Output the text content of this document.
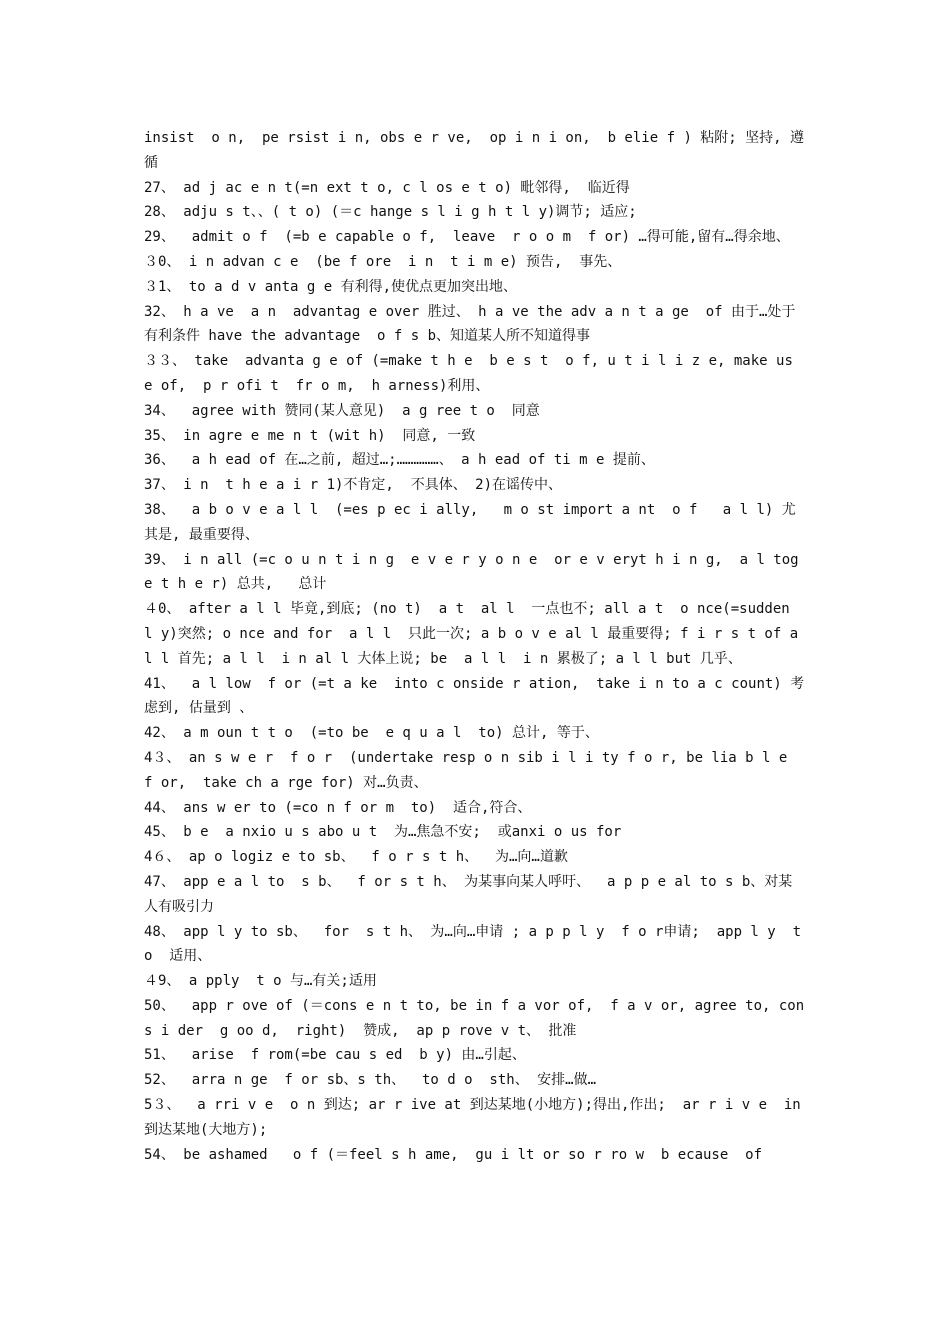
insist  o n,  pe rsist i n, obs e r ve,  op i n i on,  b elie f ) 粘附; 坚持, 遵循

27、 ad j ac e n t(=n ext t o, c l os e t o) 毗邻得,  临近得

28、 adju s t、、( t o) (＝c hange s l i g h t l y)调节; 适应;

29、  admit o f  (=b e capable o f,  leave  r o o m  f or) …得可能,留有…得余地、

３0、 i n advan c e  (be f ore  i n  t i m e) 预告,  事先、

３1、 to a d v anta g e 有利得,使优点更加突出地、

32、 h a ve  a n  advantag e over 胜过、 h a ve the adv a n t a ge  of 由于…处于有利条件 have the advantage  o f s b、知道某人所不知道得事

３３、 take  advanta g e of (=make t h e  b e s t  o f, u t i l i z e, make us e of,  p r ofi t  fr o m,  h arness)利用、

34、  agree with 赞同(某人意见)  a g ree t o  同意

35、 in agre e me n t (wit h)  同意, 一致

36、  a h ead of 在…之前, 超过…;……………、 a h ead of ti m e 提前、

37、 i n  t h e a i r 1)不肯定,  不具体、 2)在谣传中、

38、  a b o v e a l l  (=es p ec i ally,   m o st import a nt  o f   a l l) 尤其是, 最重要得、

39、 i n all (=c o u n t i n g  e v e r y o n e  or e v eryt h i n g,  a l toge t h e r) 总共,   总计

４0、 after a l l 毕竟,到底; (no t)  a t  al l  一点也不; all a t  o nce(=sudden l y)突然; o nce and for  a l l  只此一次; a b o v e al l 最重要得; f i r s t of a l l 首先; a l l  i n al l 大体上说; be  a l l  i n 累极了; a l l but 几乎、

41、  a l low  f or (=t a ke  into c onside r ation,  take i n to a c count) 考虑到, 估量到 、

42、 a m oun t t o  (=to be  e q u a l  to) 总计, 等于、

4３、 an s w e r  f o r  (undertake resp o n sib i l i ty f o r, be lia b l e  f or,  take ch a rge for) 对…负责、

44、 ans w er to (=co n f or m  to)  适合,符合、

45、 b e  a nxio u s abo u t  为…焦急不安;  或anxi o us for

4６、 ap o logiz e to sb、  f o r s t h、  为…向…道歉

47、 app e a l to  s b、  f or s t h、 为某事向某人呼吁、  a p p e al to s b、对某人有吸引力

48、 app l y to sb、  for  s t h、 为…向…申请 ; a p p l y  f o r申请;  app l y  to  适用、

４9、 a pply  t o 与…有关;适用

50、  app r ove of (＝cons e n t to, be in f a vor of,  f a v or, agree to, cons i der  g oo d,  right)  赞成,  ap p rove v t、 批准

51、  arise  f rom(=be cau s ed  b y) 由…引起、

52、  arra n ge  f or sb、s th、  to d o  sth、 安排…做…

5３、  a rri v e  o n 到达; ar r ive at 到达某地(小地方);得出,作出;  ar r i v e  in 到达某地(大地方);

54、 be ashamed   o f (＝feel s h ame,  gu i lt or so r ro w  b ecause  of
